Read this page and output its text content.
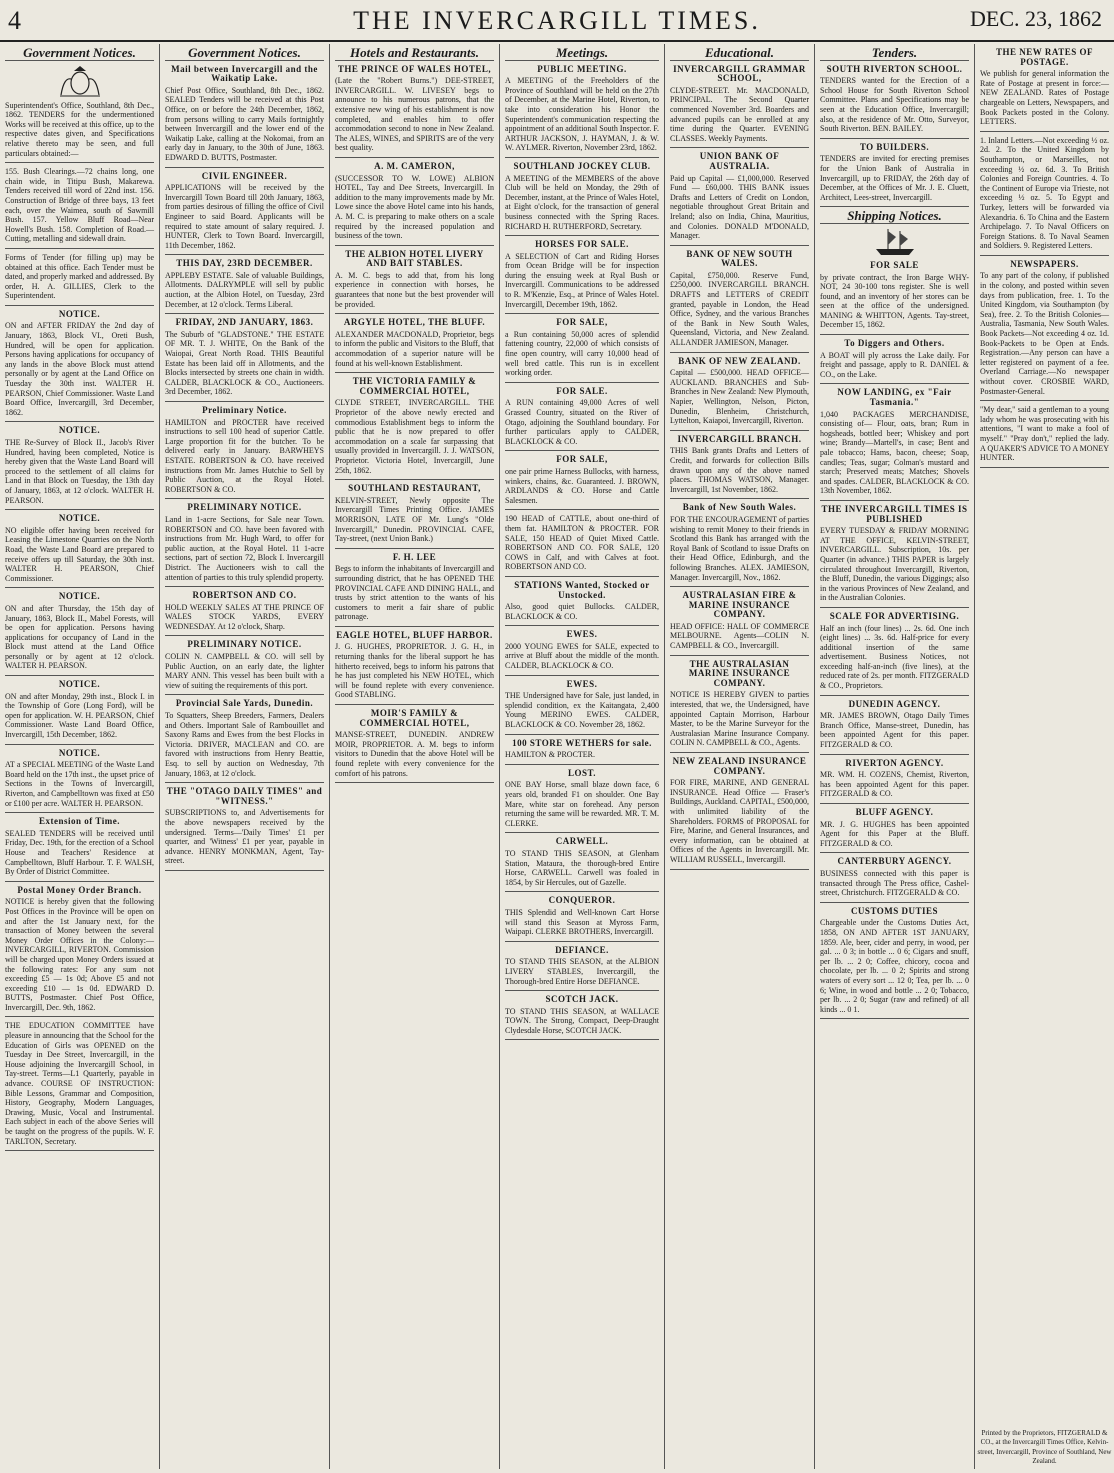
4	THE INVERCARGILL TIMES.	DEC. 23, 1862
Government Notices.

Superintendent's Office, Southland, 8th Dec., 1862. TENDERS for the undermentioned Works will be received at this office, up to the respective dates given, and Specifications relative thereto may be seen, and full particulars obtained:—

155. Bush Clearings.—72 chains long, one chain wide, in Titipu Bush, Makarewa. Tenders received till word of 22nd inst. 156. Construction of Bridge of three bays, 13 feet each, over the Waimea, south of Sawmill Bush. 157. Yellow Bluff Road—Near Howell's Bush. 158. Completion of Road.—Cutting, metalling and sidewall drain.

Forms of Tender (for filling up) may be obtained at this office. Each Tender must be dated, and properly marked and addressed. By order, H. A. GILLIES, Clerk to the Superintendent.

NOTICE.

ON and AFTER FRIDAY the 2nd day of January, 1863, Block VI., Oreti Bush, Hundred, will be open for application. Persons having applications for occupancy of any lands in the above Block must attend personally or by agent at the Land Office on Tuesday the 30th inst. WALTER H. PEARSON, Chief Commissioner. Waste Land Board Office, Invercargill, 3rd December, 1862.

NOTICE.

THE Re-Survey of Block II., Jacob's River Hundred, having been completed, Notice is hereby given that the Waste Land Board will proceed to the settlement of all claims for Land in that Block on Tuesday, the 13th day of January, 1863, at 12 o'clock. WALTER H. PEARSON.

NOTICE.

NO eligible offer having been received for Leasing the Limestone Quarries on the North Road, the Waste Land Board are prepared to receive offers up till Saturday, the 30th inst. WALTER H. PEARSON, Chief Commissioner.

NOTICE.

ON and after Thursday, the 15th day of January, 1863, Block II., Mabel Forests, will be open for application. Persons having applications for occupancy of Land in the Block must attend at the Land Office personally or by agent at 12 o'clock. WALTER H. PEARSON.

NOTICE.

ON and after Monday, 29th inst., Block I. in the Township of Gore (Long Ford), will be open for application. W. H. PEARSON, Chief Commissioner. Waste Land Board Office, Invercargill, 15th December, 1862.

NOTICE.

AT a SPECIAL MEETING of the Waste Land Board held on the 17th inst., the upset price of Sections in the Towns of Invercargill, Riverton, and Campbelltown was fixed at £50 or £100 per acre. WALTER H. PEARSON.

Extension of Time.

SEALED TENDERS will be received until Friday, Dec. 19th, for the erection of a School House and Teachers' Residence at Campbelltown, Bluff Harbour. T. F. WALSH, By Order of District Committee.

Postal Money Order Branch.

NOTICE is hereby given that the following Post Offices in the Province will be open on and after the 1st January next, for the transaction of Money between the several Money Order Offices in the Colony:— INVERCARGILL, RIVERTON. Commission will be charged upon Money Orders issued at the following rates: For any sum not exceeding £5 — 1s 0d; Above £5 and not exceeding £10 — 1s 0d. EDWARD D. BUTTS, Postmaster. Chief Post Office, Invercargill, Dec. 9th, 1862.

THE EDUCATION COMMITTEE have pleasure in announcing that the School for the Education of Girls was OPENED on the Tuesday in Dee Street, Invercargill, in the House adjoining the Invercargill School, in Tay-street. Terms—L1 Quarterly, payable in advance. COURSE OF INSTRUCTION: Bible Lessons, Grammar and Composition, History, Geography, Modern Languages, Drawing, Music, Vocal and Instrumental. Each subject in each of the above Series will be taught on the progress of the pupils. W. F. TARLTON, Secretary.

Government Notices.
Mail between Invercargill and the Waikatip Lake.

Chief Post Office, Southland, 8th Dec., 1862. SEALED Tenders will be received at this Post Office, on or before the 24th December, 1862, from persons willing to carry Mails fortnightly between Invercargill and the lower end of the Waikatip Lake, calling at the Nokomai, from an early day in January, to the 30th of June, 1863. EDWARD D. BUTTS, Postmaster.

CIVIL ENGINEER.

APPLICATIONS will be received by the Invercargill Town Board till 20th January, 1863, from parties desirous of filling the office of Civil Engineer to said Board. Applicants will be required to state amount of salary required. J. HUNTER, Clerk to Town Board. Invercargill, 11th December, 1862.

THIS DAY, 23RD DECEMBER.

APPLEBY ESTATE. Sale of valuable Buildings, Allotments. DALRYMPLE will sell by public auction, at the Albion Hotel, on Tuesday, 23rd December, at 12 o'clock. Terms Liberal.

FRIDAY, 2ND JANUARY, 1863.

The Suburb of "GLADSTONE." THE ESTATE OF MR. T. J. WHITE, On the Bank of the Waiopai, Great North Road. THIS Beautiful Estate has been laid off in Allotments, and the Blocks intersected by streets one chain in width. CALDER, BLACKLOCK & CO., Auctioneers. 3rd December, 1862.

Preliminary Notice.

HAMILTON and PROCTER have received instructions to sell 100 head of superior Cattle. Large proportion fit for the butcher. To be delivered early in January. BARWHEYS ESTATE. ROBERTSON & CO. have received instructions from Mr. James Hutchie to Sell by Public Auction, at the Royal Hotel. ROBERTSON & CO.

PRELIMINARY NOTICE.

Land in 1-acre Sections, for Sale near Town. ROBERTSON and CO. have been favored with instructions from Mr. Hugh Ward, to offer for public auction, at the Royal Hotel. 11 1-acre sections, part of section 72, Block I. Invercargill District. The Auctioneers wish to call the attention of parties to this truly splendid property.

ROBERTSON AND CO.

HOLD WEEKLY SALES AT THE PRINCE OF WALES STOCK YARDS, EVERY WEDNESDAY. At 12 o'clock, Sharp.

PRELIMINARY NOTICE.

COLIN N. CAMPBELL & CO. will sell by Public Auction, on an early date, the lighter MARY ANN. This vessel has been built with a view of suiting the requirements of this port.

Provincial Sale Yards, Dunedin.

To Squatters, Sheep Breeders, Farmers, Dealers and Others. Important Sale of Rambouillet and Saxony Rams and Ewes from the best Flocks in Victoria. DRIVER, MACLEAN and CO. are favored with instructions from Henry Beattie, Esq. to sell by auction on Wednesday, 7th January, 1863, at 12 o'clock.

THE "OTAGO DAILY TIMES" and "WITNESS."

SUBSCRIPTIONS to, and Advertisements for the above newspapers received by the undersigned. Terms—'Daily Times' £1 per quarter, and 'Witness' £1 per year, payable in advance. HENRY MONKMAN, Agent, Tay-street.

Hotels and Restaurants.
THE PRINCE OF WALES HOTEL,

(Late the "Robert Burns.") DEE-STREET, INVERCARGILL. W. LIVESEY begs to announce to his numerous patrons, that the extensive new wing of his establishment is now completed, and enables him to offer accommodation second to none in New Zealand. The ALES, WINES, and SPIRITS are of the very best quality.

A. M. CAMERON,

(SUCCESSOR TO W. LOWE) ALBION HOTEL, Tay and Dee Streets, Invercargill. In addition to the many improvements made by Mr. Lowe since the above Hotel came into his hands, A. M. C. is preparing to make others on a scale required by the increased population and business of the town.

THE ALBION HOTEL LIVERY AND BAIT STABLES.

A. M. C. begs to add that, from his long experience in connection with horses, he guarantees that none but the best provender will be provided.

ARGYLE HOTEL, THE BLUFF.

ALEXANDER MACDONALD, Proprietor, begs to inform the public and Visitors to the Bluff, that accommodation of a superior nature will be found at his well-known Establishment.

THE VICTORIA FAMILY & COMMERCIAL HOTEL,

CLYDE STREET, INVERCARGILL. THE Proprietor of the above newly erected and commodious Establishment begs to inform the public that he is now prepared to offer accommodation on a scale far surpassing that usually provided in Invercargill. J. J. WATSON, Proprietor. Victoria Hotel, Invercargill, June 25th, 1862.

SOUTHLAND RESTAURANT,

KELVIN-STREET, Newly opposite The Invercargill Times Printing Office. JAMES MORRISON, LATE OF Mr. Lung's "Olde Invercargill," Dunedin. PROVINCIAL CAFE, Tay-street, (next Union Bank.)

F. H. LEE

Begs to inform the inhabitants of Invercargill and surrounding district, that he has OPENED THE PROVINCIAL CAFE AND DINING HALL, and trusts by strict attention to the wants of his customers to merit a fair share of public patronage.

EAGLE HOTEL, BLUFF HARBOR.

J. G. HUGHES, PROPRIETOR. J. G. H., in returning thanks for the liberal support he has hitherto received, begs to inform his patrons that he has just completed his NEW HOTEL, which will be found replete with every convenience. Good STABLING.

MOIR'S FAMILY & COMMERCIAL HOTEL,

MANSE-STREET, DUNEDIN. ANDREW MOIR, PROPRIETOR. A. M. begs to inform visitors to Dunedin that the above Hotel will be found replete with every convenience for the comfort of his patrons.

Meetings.
PUBLIC MEETING.

A MEETING of the Freeholders of the Province of Southland will be held on the 27th of December, at the Marine Hotel, Riverton, to take into consideration his Honor the Superintendent's communication respecting the appointment of an additional South Inspector. F. ARTHUR JACKSON, J. HAYMAN, J. & W. W. AYLMER. Riverton, November 23rd, 1862.

SOUTHLAND JOCKEY CLUB.

A MEETING of the MEMBERS of the above Club will be held on Monday, the 29th of December, instant, at the Prince of Wales Hotel, at Eight o'clock, for the transaction of general business connected with the Spring Races. RICHARD H. RUTHERFORD, Secretary.

HORSES FOR SALE.

A SELECTION of Cart and Riding Horses from Ocean Bridge will be for inspection during the ensuing week at Ryal Bush or Invercargill. Communications to be addressed to R. M'Kenzie, Esq., at Prince of Wales Hotel. Invercargill, December 19th, 1862.

FOR SALE,

a Run containing 50,000 acres of splendid fattening country, 22,000 of which consists of fine open country, will carry 10,000 head of well bred cattle. This run is in excellent working order.

FOR SALE.

A RUN containing 49,000 Acres of well Grassed Country, situated on the River of Otago, adjoining the Southland boundary. For further particulars apply to CALDER, BLACKLOCK & CO.

FOR SALE,

one pair prime Harness Bullocks, with harness, winkers, chains, &c. Guaranteed. J. BROWN, ARDLANDS & CO. Horse and Cattle Salesmen.

190 HEAD of CATTLE, about one-third of them fat. HAMILTON & PROCTER. FOR SALE, 150 HEAD of Quiet Mixed Cattle. ROBERTSON AND CO. FOR SALE, 120 COWS in Calf, and with Calves at foot. ROBERTSON AND CO.

STATIONS Wanted, Stocked or Unstocked.

Also, good quiet Bullocks. CALDER, BLACKLOCK & CO.

EWES.

2000 YOUNG EWES for SALE, expected to arrive at Bluff about the middle of the month. CALDER, BLACKLOCK & CO.

EWES.

THE Undersigned have for Sale, just landed, in splendid condition, ex the Kaitangata, 2,400 Young MERINO EWES. CALDER, BLACKLOCK & CO. November 28, 1862.

100 STORE WETHERS for sale.

HAMILTON & PROCTER.

LOST.

ONE BAY Horse, small blaze down face, 6 years old, branded F1 on shoulder. One Bay Mare, white star on forehead. Any person returning the same will be rewarded. MR. T. M. CLERKE.

CARWELL.

TO STAND THIS SEASON, at Glenham Station, Mataura, the thorough-bred Entire Horse, CARWELL. Carwell was foaled in 1854, by Sir Hercules, out of Gazelle.

CONQUEROR.

THIS Splendid and Well-known Cart Horse will stand this Season at Myross Farm, Waipapi. CLERKE BROTHERS, Invercargill.

DEFIANCE.

TO STAND THIS SEASON, at the ALBION LIVERY STABLES, Invercargill, the Thorough-bred Entire Horse DEFIANCE.

SCOTCH JACK.

TO STAND THIS SEASON, at WALLACE TOWN. The Strong, Compact, Deep-Draught Clydesdale Horse, SCOTCH JACK.

Educational.
INVERCARGILL GRAMMAR SCHOOL,

CLYDE-STREET. Mr. MACDONALD, PRINCIPAL. The Second Quarter commenced November 3rd. Boarders and advanced pupils can be enrolled at any time during the Quarter. EVENING CLASSES. Weekly Payments.

UNION BANK OF AUSTRALIA.

Paid up Capital — £1,000,000. Reserved Fund — £60,000. THIS BANK issues Drafts and Letters of Credit on London, negotiable throughout Great Britain and Ireland; also on India, China, Mauritius, and Colonies. DONALD M'DONALD, Manager.

BANK OF NEW SOUTH WALES.

Capital, £750,000. Reserve Fund, £250,000. INVERCARGILL BRANCH. DRAFTS and LETTERS of CREDIT granted, payable in London, the Head Office, Sydney, and the various Branches of the Bank in New South Wales, Queensland, Victoria, and New Zealand. ALLANDER JAMIESON, Manager.

BANK OF NEW ZEALAND.

Capital — £500,000. HEAD OFFICE—AUCKLAND. BRANCHES and Sub-Branches in New Zealand: New Plymouth, Napier, Wellington, Nelson, Picton, Dunedin, Blenheim, Christchurch, Lyttelton, Kaiapoi, Invercargill, Riverton.

INVERCARGILL BRANCH.

THIS Bank grants Drafts and Letters of Credit, and forwards for collection Bills drawn upon any of the above named places. THOMAS WATSON, Manager. Invercargill, 1st November, 1862.

Bank of New South Wales.

FOR THE ENCOURAGEMENT of parties wishing to remit Money to their friends in Scotland this Bank has arranged with the Royal Bank of Scotland to issue Drafts on their Head Office, Edinburgh, and the following Branches. ALEX. JAMIESON, Manager. Invercargill, Nov., 1862.

AUSTRALASIAN FIRE & MARINE INSURANCE COMPANY.

HEAD OFFICE: HALL OF COMMERCE MELBOURNE. Agents—COLIN N. CAMPBELL & CO., Invercargill.

THE AUSTRALASIAN MARINE INSURANCE COMPANY.

NOTICE IS HEREBY GIVEN to parties interested, that we, the Undersigned, have appointed Captain Morrison, Harbour Master, to be the Marine Surveyor for the Australasian Marine Insurance Company. COLIN N. CAMPBELL & CO., Agents.

NEW ZEALAND INSURANCE COMPANY.

FOR FIRE, MARINE, AND GENERAL INSURANCE. Head Office — Fraser's Buildings, Auckland. CAPITAL, £500,000, with unlimited liability of the Shareholders. FORMS of PROPOSAL for Fire, Marine, and General Insurances, and every information, can be obtained at Offices of the Agents in Invercargill. Mr. WILLIAM RUSSELL, Invercargill.

Tenders.
SOUTH RIVERTON SCHOOL.

TENDERS wanted for the Erection of a School House for South Riverton School Committee. Plans and Specifications may be seen at the Education Office, Invercargill; also, at the residence of Mr. Otto, Surveyor, South Riverton. BEN. BAILEY.

TO BUILDERS.

TENDERS are invited for erecting premises for the Union Bank of Australia in Invercargill, up to FRIDAY, the 26th day of December, at the Offices of Mr. J. E. Cluett, Architect, Lees-street, Invercargill.

Shipping Notices.
FOR SALE

by private contract, the Iron Barge WHY-NOT, 24 30-100 tons register. She is well found, and an inventory of her stores can be seen at the office of the undersigned. MANING & WHITTON, Agents. Tay-street, December 15, 1862.

To Diggers and Others.

A BOAT will ply across the Lake daily. For freight and passage, apply to R. DANIEL & CO., on the Lake.

NOW LANDING, ex "Fair Tasmania."

1,040 PACKAGES MERCHANDISE, consisting of— Flour, oats, bran; Rum in hogsheads, bottled beer; Whiskey and port wine; Brandy—Martell's, in case; Bent and pale tobacco; Hams, bacon, cheese; Soap, candles; Teas, sugar; Colman's mustard and starch; Preserved meats; Matches; Shovels and spades. CALDER, BLACKLOCK & CO. 13th November, 1862.

THE INVERCARGILL TIMES IS PUBLISHED

EVERY TUESDAY & FRIDAY MORNING AT THE OFFICE, KELVIN-STREET, INVERCARGILL. Subscription, 10s. per Quarter (in advance.) THIS PAPER is largely circulated throughout Invercargill, Riverton, the Bluff, Dunedin, the various Diggings; also in the various Provinces of New Zealand, and in the Australian Colonies.

SCALE FOR ADVERTISING.

Half an inch (four lines) ... 2s. 6d. One inch (eight lines) ... 3s. 6d. Half-price for every additional insertion of the same advertisement. Business Notices, not exceeding half-an-inch (five lines), at the reduced rate of 2s. per month. FITZGERALD & CO., Proprietors.

DUNEDIN AGENCY.

MR. JAMES BROWN, Otago Daily Times Branch Office, Manse-street, Dunedin, has been appointed Agent for this paper. FITZGERALD & CO.

RIVERTON AGENCY.

MR. WM. H. COZENS, Chemist, Riverton, has been appointed Agent for this paper. FITZGERALD & CO.

BLUFF AGENCY.

MR. J. G. HUGHES has been appointed Agent for this Paper at the Bluff. FITZGERALD & CO.

CANTERBURY AGENCY.

BUSINESS connected with this paper is transacted through The Press office, Cashel-street, Christchurch. FITZGERALD & CO.

CUSTOMS DUTIES

Chargeable under the Customs Duties Act, 1858, ON AND AFTER 1ST JANUARY, 1859. Ale, beer, cider and perry, in wood, per gal. ... 0 3; in bottle ... 0 6; Cigars and snuff, per lb. ... 2 0; Coffee, chicory, cocoa and chocolate, per lb. ... 0 2; Spirits and strong waters of every sort ... 12 0; Tea, per lb. ... 0 6; Wine, in wood and bottle ... 2 0; Tobacco, per lb. ... 2 0; Sugar (raw and refined) of all kinds ... 0 1.

THE NEW RATES OF POSTAGE.

We publish for general information the Rate of Postage at present in force:— NEW ZEALAND. Rates of Postage chargeable on Letters, Newspapers, and Book Packets posted in the Colony. LETTERS.

1. Inland Letters.—Not exceeding ½ oz. 2d. 2. To the United Kingdom by Southampton, or Marseilles, not exceeding ½ oz. 6d. 3. To British Colonies and Foreign Countries. 4. To the Continent of Europe via Trieste, not exceeding ½ oz. 5. To Egypt and Turkey, letters will be forwarded via Alexandria. 6. To China and the Eastern Archipelago. 7. To Naval Officers on Foreign Stations. 8. To Naval Seamen and Soldiers. 9. Registered Letters.

NEWSPAPERS.

To any part of the colony, if published in the colony, and posted within seven days from publication, free. 1. To the United Kingdom, via Southampton (by Sea), free. 2. To the British Colonies—Australia, Tasmania, New South Wales. Book Packets—Not exceeding 4 oz. 1d. Book-Packets to be Open at Ends. Registration.—Any person can have a letter registered on payment of a fee. Overland Carriage.—No newspaper without cover. CROSBIE WARD, Postmaster-General.

"My dear," said a gentleman to a young lady whom he was prosecuting with his attentions, "I want to make a fool of myself." "Pray don't," replied the lady. A QUAKER'S ADVICE TO A MONEY HUNTER.

Printed by the Proprietors, FITZGERALD & CO., at the Invercargill Times Office, Kelvin-street, Invercargill, Province of Southland, New Zealand.
